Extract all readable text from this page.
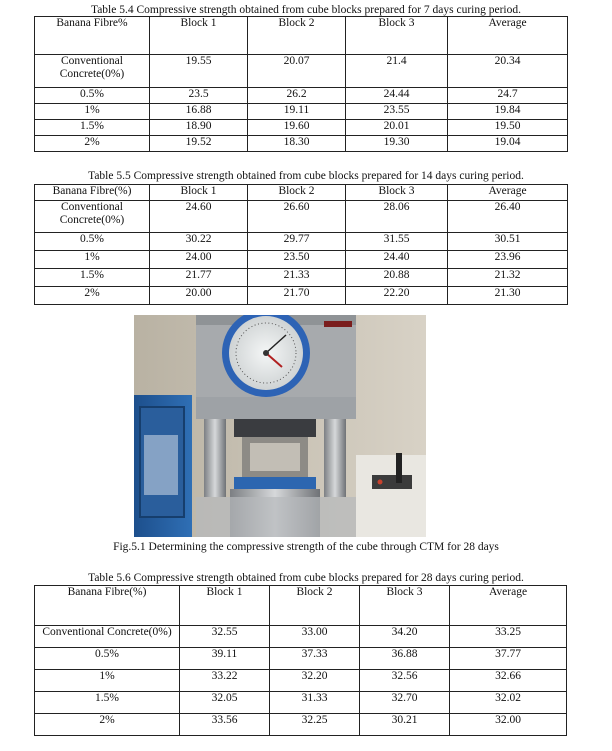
Table 5.4 Compressive strength obtained from cube blocks prepared for 7 days curing period.
Banana Fibre%	Block 1	Block 2	Block 3	Average
Conventional Concrete(0%)	19.55	20.07	21.4	20.34
0.5%	23.5	26.2	24.44	24.7
1%	16.88	19.11	23.55	19.84
1.5%	18.90	19.60	20.01	19.50
2%	19.52	18.30	19.30	19.04
Table 5.5 Compressive strength obtained from cube blocks prepared for 14 days curing period.
Banana Fibre(%)	Block 1	Block 2	Block 3	Average
Conventional Concrete(0%)	24.60	26.60	28.06	26.40
0.5%	30.22	29.77	31.55	30.51
1%	24.00	23.50	24.40	23.96
1.5%	21.77	21.33	20.88	21.32
2%	20.00	21.70	22.20	21.30
Fig.5.1 Determining the compressive strength of the cube through CTM for 28 days
Table 5.6 Compressive strength obtained from cube blocks prepared for 28 days curing period.
Banana Fibre(%)	Block 1	Block 2	Block 3	Average
Conventional Concrete(0%)	32.55	33.00	34.20	33.25
0.5%	39.11	37.33	36.88	37.77
1%	33.22	32.20	32.56	32.66
1.5%	32.05	31.33	32.70	32.02
2%	33.56	32.25	30.21	32.00
